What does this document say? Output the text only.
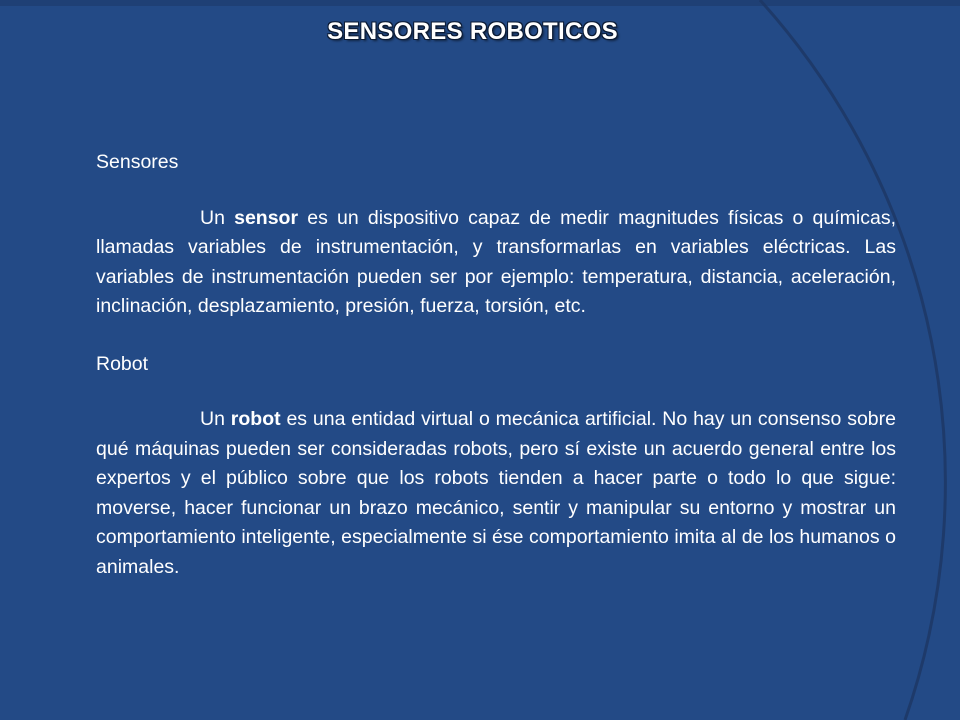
SENSORES ROBOTICOS

Sensores

Un sensor es un dispositivo capaz de medir magnitudes físicas o químicas, llamadas variables de instrumentación, y transformarlas en variables eléctricas. Las variables de instrumentación pueden ser por ejemplo: temperatura, distancia, aceleración, inclinación, desplazamiento, presión, fuerza, torsión, etc.

Robot

Un robot es una entidad virtual o mecánica artificial. No hay un consenso sobre qué máquinas pueden ser consideradas robots, pero sí existe un acuerdo general entre los expertos y el público sobre que los robots tienden a hacer parte o todo lo que sigue: moverse, hacer funcionar un brazo mecánico, sentir y manipular su entorno y mostrar un comportamiento inteligente, especialmente si ése comportamiento imita al de los humanos o animales.
